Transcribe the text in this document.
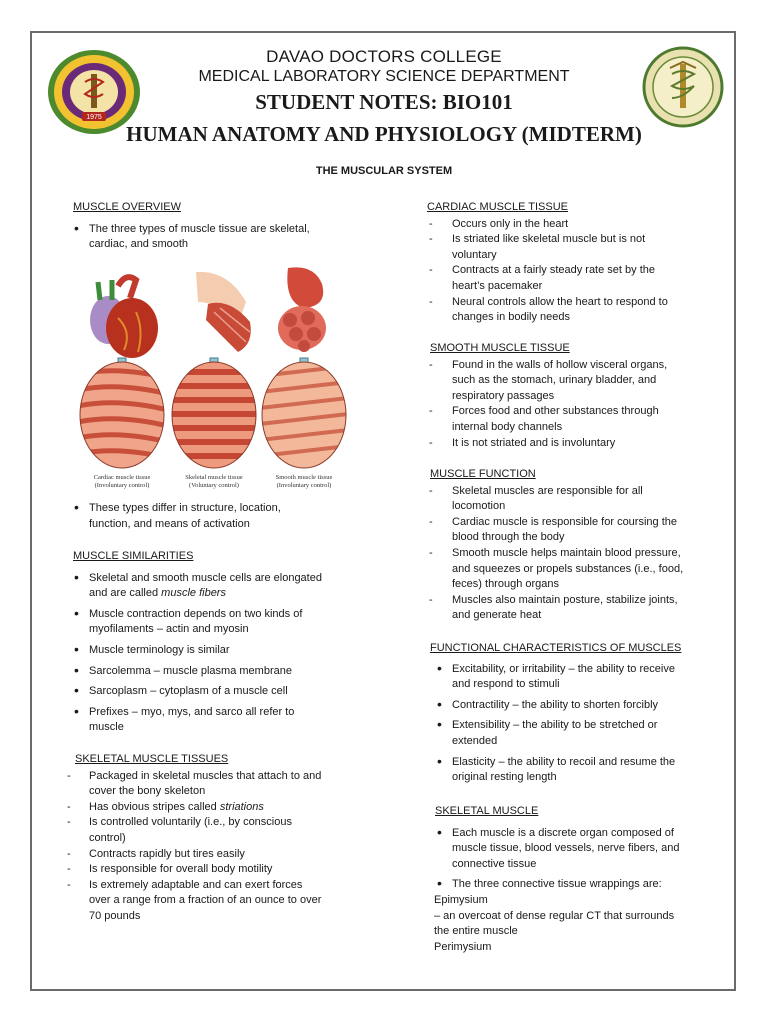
1975
DAVAO DOCTORS COLLEGE
MEDICAL LABORATORY SCIENCE DEPARTMENT
STUDENT NOTES: BIO101
HUMAN ANATOMY AND PHYSIOLOGY (MIDTERM)
THE MUSCULAR SYSTEM
MUSCLE OVERVIEW
• The three types of muscle tissue are skeletal, cardiac, and smooth
Cardiac muscle tissue
(Involuntary control)
Skeletal muscle tissue
(Voluntary control)
Smooth muscle tissue
(Involuntary control)
• These types differ in structure, location, function, and means of activation
MUSCLE SIMILARITIES
• Skeletal and smooth muscle cells are elongated and are called muscle fibers
• Muscle contraction depends on two kinds of myofilaments – actin and myosin
• Muscle terminology is similar
• Sarcolemma – muscle plasma membrane
• Sarcoplasm – cytoplasm of a muscle cell
• Prefixes – myo, mys, and sarco all refer to muscle
SKELETAL MUSCLE TISSUES
- Packaged in skeletal muscles that attach to and cover the bony skeleton
- Has obvious stripes called striations
- Is controlled voluntarily (i.e., by conscious control)
- Contracts rapidly but tires easily
- Is responsible for overall body motility
- Is extremely adaptable and can exert forces over a range from a fraction of an ounce to over 70 pounds
CARDIAC MUSCLE TISSUE
- Occurs only in the heart
- Is striated like skeletal muscle but is not voluntary
- Contracts at a fairly steady rate set by the heart’s pacemaker
- Neural controls allow the heart to respond to changes in bodily needs
SMOOTH MUSCLE TISSUE
- Found in the walls of hollow visceral organs, such as the stomach, urinary bladder, and respiratory passages
- Forces food and other substances through internal body channels
- It is not striated and is involuntary
MUSCLE FUNCTION
- Skeletal muscles are responsible for all locomotion
- Cardiac muscle is responsible for coursing the blood through the body
- Smooth muscle helps maintain blood pressure, and squeezes or propels substances (i.e., food, feces) through organs
- Muscles also maintain posture, stabilize joints, and generate heat
FUNCTIONAL CHARACTERISTICS OF MUSCLES
• Excitability, or irritability – the ability to receive and respond to stimuli
• Contractility – the ability to shorten forcibly
• Extensibility – the ability to be stretched or extended
• Elasticity – the ability to recoil and resume the original resting length
SKELETAL MUSCLE
• Each muscle is a discrete organ composed of muscle tissue, blood vessels, nerve fibers, and connective tissue
• The three connective tissue wrappings are:

Epimysium

– an overcoat of dense regular CT that surrounds the entire muscle

Perimysium
